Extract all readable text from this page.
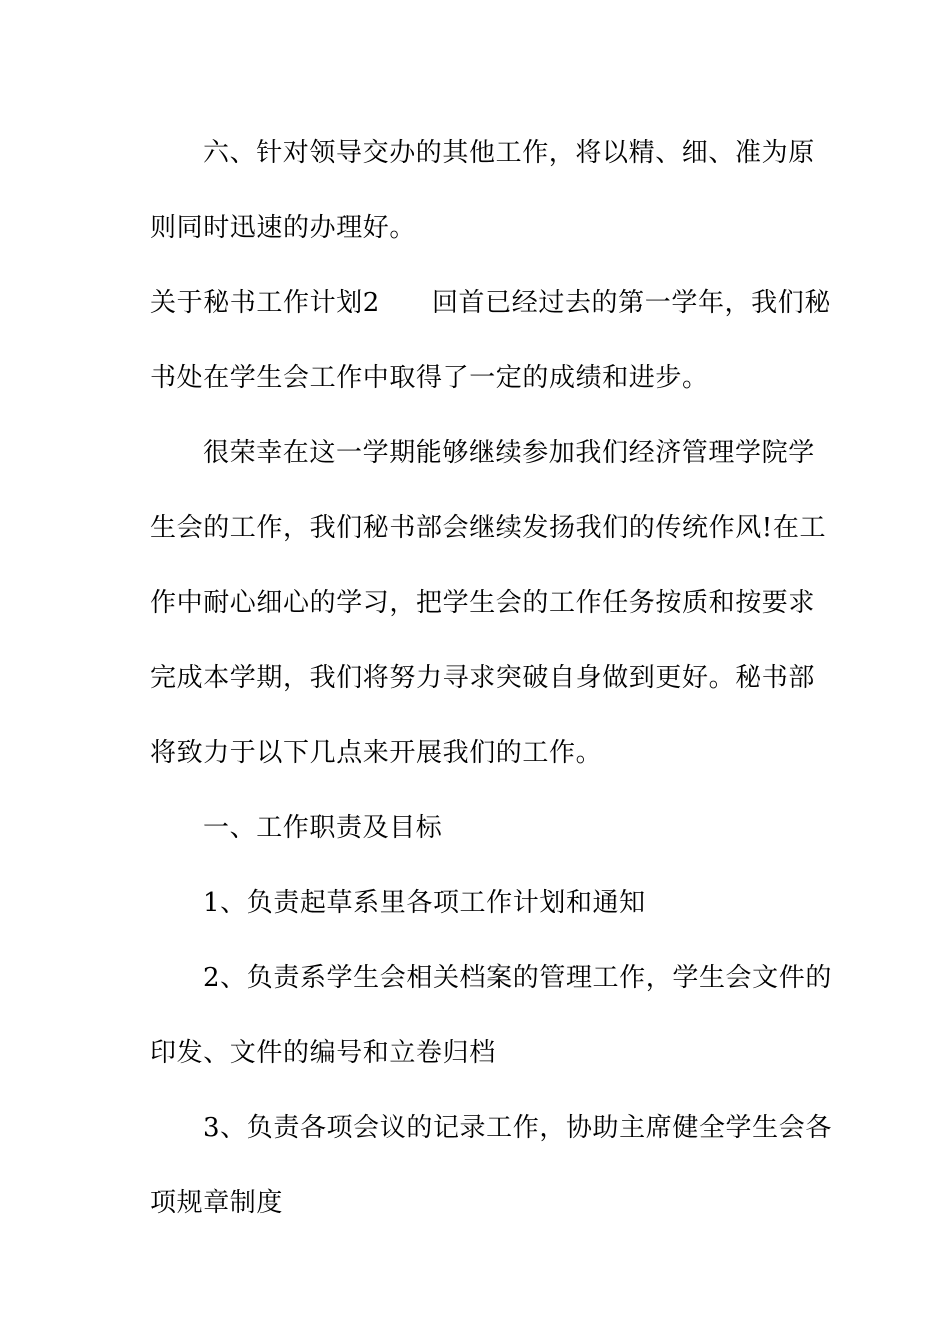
六、针对领导交办的其他工作，将以精、细、准为原
则同时迅速的办理好。
关于秘书工作计划2 回首已经过去的第一学年，我们秘
书处在学生会工作中取得了一定的成绩和进步。
很荣幸在这一学期能够继续参加我们经济管理学院学
生会的工作，我们秘书部会继续发扬我们的传统作风!在工
作中耐心细心的学习，把学生会的工作任务按质和按要求
完成本学期，我们将努力寻求突破自身做到更好。秘书部
将致力于以下几点来开展我们的工作。
一、工作职责及目标
1、负责起草系里各项工作计划和通知
2、负责系学生会相关档案的管理工作，学生会文件的
印发、文件的编号和立卷归档
3、负责各项会议的记录工作，协助主席健全学生会各
项规章制度
